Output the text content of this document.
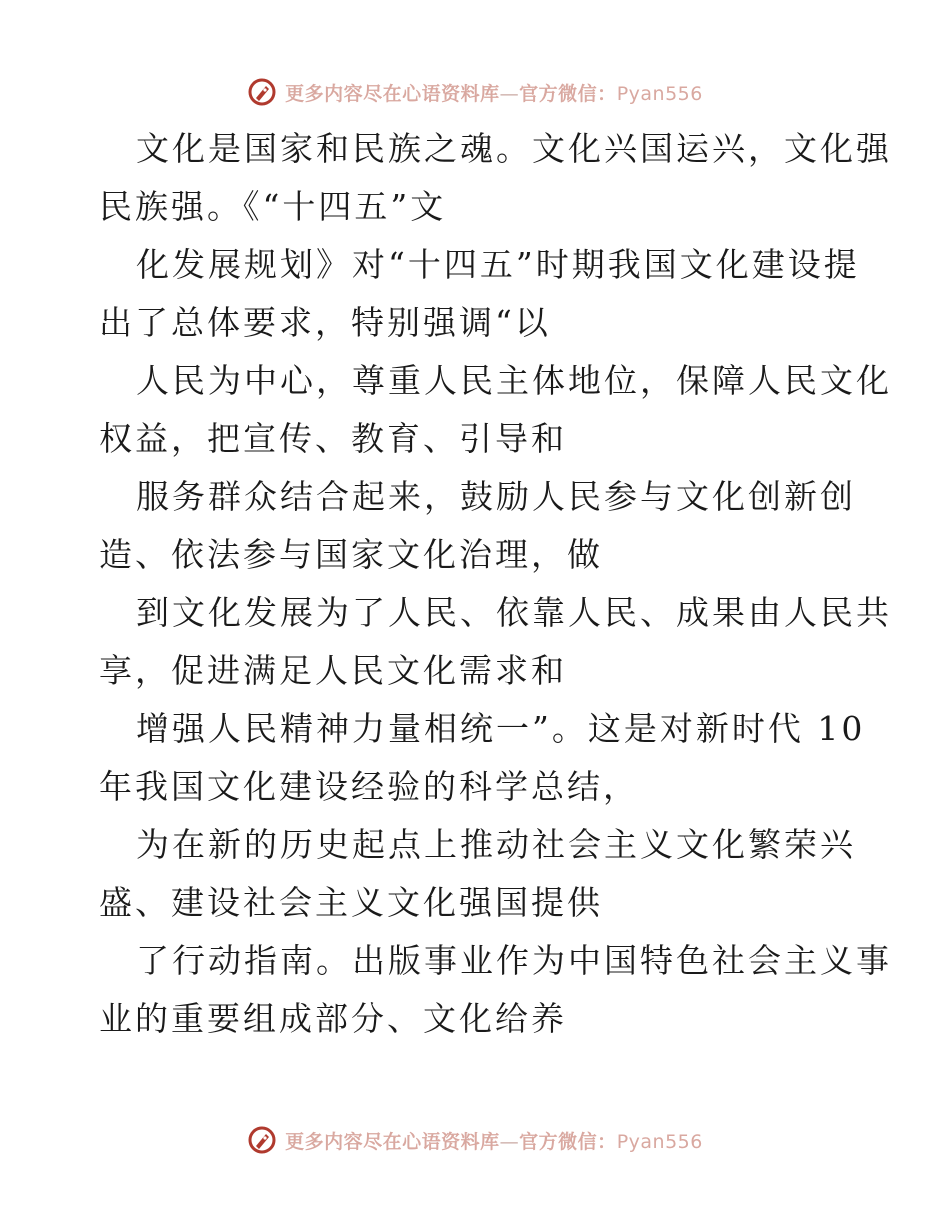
更多内容尽在心语资料库—官方微信：Pyan556

文化是国家和民族之魂。文化兴国运兴，文化强
民族强。《“十四五”文

化发展规划》对“十四五”时期我国文化建设提
出了总体要求，特别强调“以

人民为中心，尊重人民主体地位，保障人民文化
权益，把宣传、教育、引导和

服务群众结合起来，鼓励人民参与文化创新创
造、依法参与国家文化治理，做

到文化发展为了人民、依靠人民、成果由人民共
享，促进满足人民文化需求和

增强人民精神力量相统一”。这是对新时代 10
年我国文化建设经验的科学总结，

为在新的历史起点上推动社会主义文化繁荣兴
盛、建设社会主义文化强国提供

了行动指南。出版事业作为中国特色社会主义事
业的重要组成部分、文化给养

更多内容尽在心语资料库—官方微信：Pyan556
